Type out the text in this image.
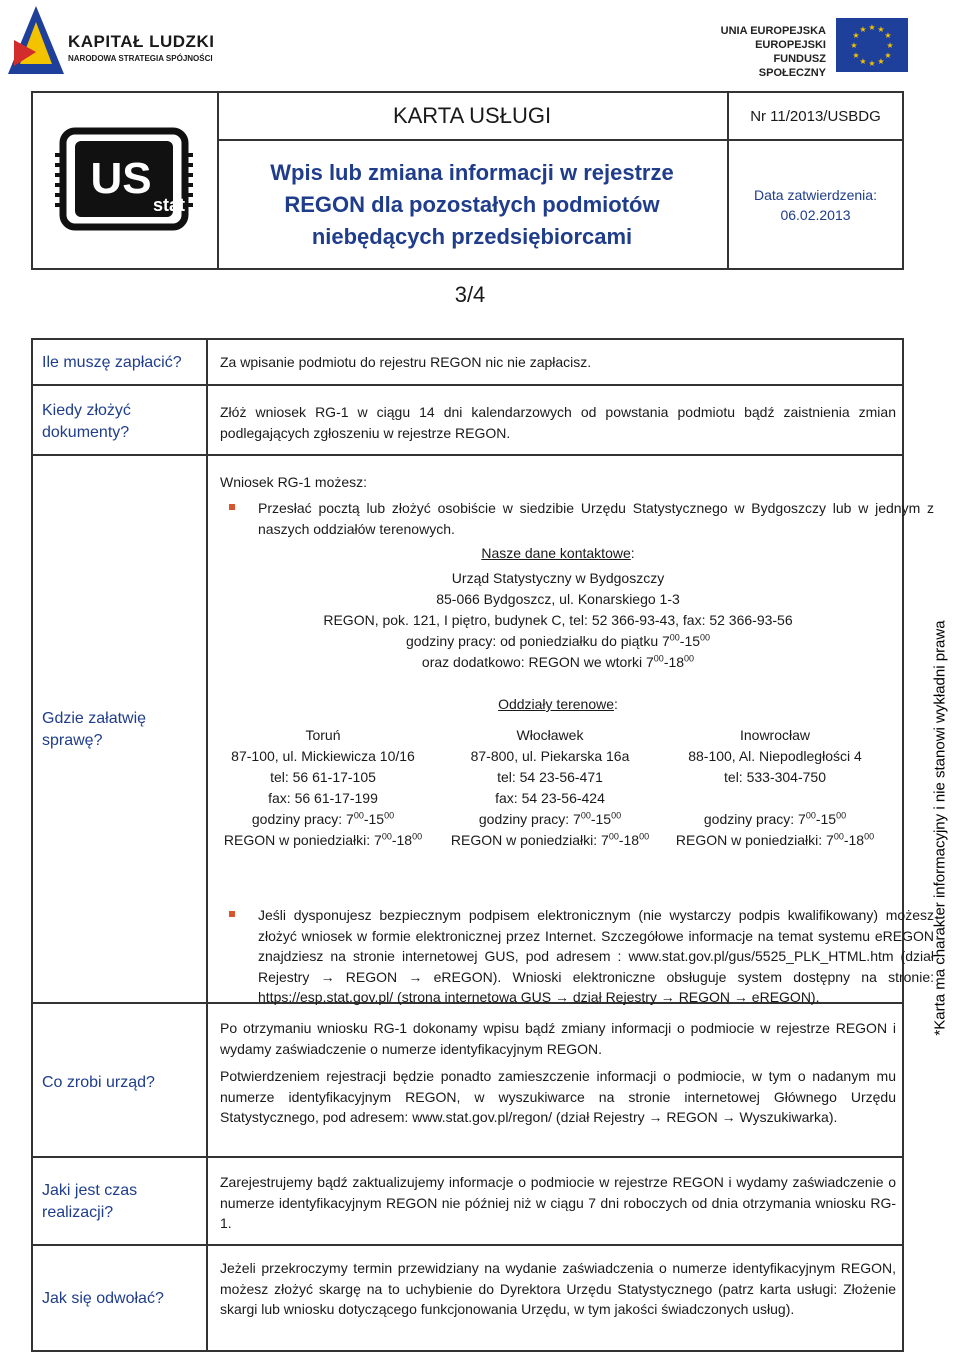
KAPITAŁ LUDZKI
NARODOWA STRATEGIA SPÓJNOŚCI
UNIA EUROPEJSKA
EUROPEJSKI
FUNDUSZ SPOŁECZNY
★ ★
★
★
★
★
★
★
★
★
★
★
US
stat
KARTA USŁUGI
Wpis lub zmiana informacji w rejestrze REGON dla pozostałych podmiotów niebędących przedsiębiorcami
Nr 11/2013/USBDG
Data zatwierdzenia:
06.02.2013
3/4
Ile muszę zapłacić?
Kiedy złożyć dokumenty?
Gdzie załatwię sprawę?
Co zrobi urząd?
Jaki jest czas realizacji?
Jak się odwołać?
Za wpisanie podmiotu do rejestru REGON nic nie zapłacisz.
Złóż wniosek RG-1 w ciągu 14 dni kalendarzowych od powstania podmiotu bądź zaistnienia zmian podlegających zgłoszeniu w rejestrze REGON.
Wniosek RG-1 możesz:
Przesłać pocztą lub złożyć osobiście w siedzibie Urzędu Statystycznego w Bydgoszczy lub w jednym z naszych oddziałów terenowych.
Nasze dane kontaktowe:
Urząd Statystyczny w Bydgoszczy
85-066 Bydgoszcz, ul. Konarskiego 1-3
REGON, pok. 121, I piętro, budynek C, tel: 52 366-93-43, fax: 52 366-93-56
godziny pracy: od poniedziałku do piątku $7^{00}-15^{00}$
oraz dodatkowo: REGON we wtorki $7^{00}-18^{00}$
Oddziały terenowe:
Toruń
87-100, ul. Mickiewicza 10/16
tel: 56 61-17-105
fax: 56 61-17-199
godziny pracy: $7^{00}-15^{00}$
REGON w poniedziałki: $7^{00}-18^{00}$
Włocławek
87-800, ul. Piekarska 16a
tel: 54 23-56-471
fax: 54 23-56-424
godziny pracy: $7^{00}-15^{00}$
REGON w poniedziałki: $7^{00}-18^{00}$
Inowrocław
88-100, Al. Niepodległości 4
tel: 533-304-750
godziny pracy: $7^{00}-15^{00}$
REGON w poniedziałki: $7^{00}-18^{00}$
Jeśli dysponujesz bezpiecznym podpisem elektronicznym (nie wystarczy podpis kwalifikowany) możesz złożyć wniosek w formie elektronicznej przez Internet. Szczegółowe informacje na temat systemu eREGON znajdziesz na stronie internetowej GUS, pod adresem : www.stat.gov.pl/gus/5525_PLK_HTML.htm (dział Rejestry → REGON → eREGON). Wnioski elektroniczne obsługuje system dostępny na stronie: https://esp.stat.gov.pl/ (strona internetowa GUS → dział Rejestry → REGON → eREGON).
Po otrzymaniu wniosku RG-1 dokonamy wpisu bądź zmiany informacji o podmiocie w rejestrze REGON i wydamy zaświadczenie o numerze identyfikacyjnym REGON.
Potwierdzeniem rejestracji będzie ponadto zamieszczenie informacji o podmiocie, w tym o nadanym mu numerze identyfikacyjnym REGON, w wyszukiwarce na stronie internetowej Głównego Urzędu Statystycznego, pod adresem: www.stat.gov.pl/regon/ (dział Rejestry → REGON → Wyszukiwarka).
Zarejestrujemy bądź zaktualizujemy informacje o podmiocie w rejestrze REGON i wydamy zaświadczenie o numerze identyfikacyjnym REGON nie później niż w ciągu 7 dni roboczych od dnia otrzymania wniosku RG-1.
Jeżeli przekroczymy termin przewidziany na wydanie zaświadczenia o numerze identyfikacyjnym REGON, możesz złożyć skargę na to uchybienie do Dyrektora Urzędu Statystycznego (patrz karta usługi: Złożenie skargi lub wniosku dotyczącego funkcjonowania Urzędu, w tym jakości świadczonych usług).
*Karta ma charakter informacyjny i nie stanowi wykładni prawa
